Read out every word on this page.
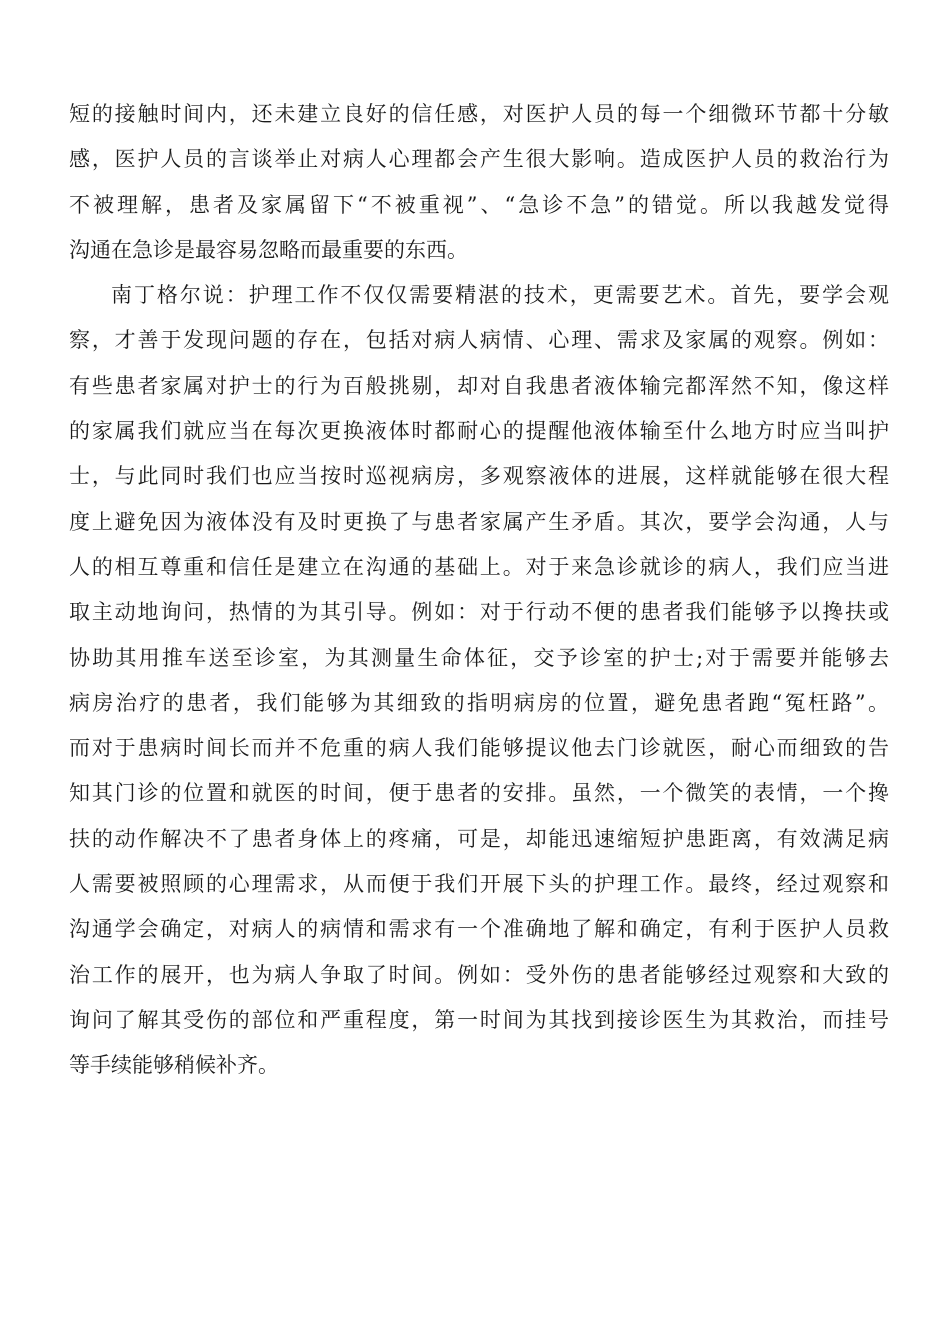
短的接触时间内，还未建立良好的信任感，对医护人员的每一个细微环节都十分敏
感，医护人员的言谈举止对病人心理都会产生很大影响。造成医护人员的救治行为
不被理解，患者及家属留下“不被重视”、“急诊不急”的错觉。所以我越发觉得
沟通在急诊是最容易忽略而最重要的东西。
南丁格尔说：护理工作不仅仅需要精湛的技术，更需要艺术。首先，要学会观
察，才善于发现问题的存在，包括对病人病情、心理、需求及家属的观察。例如：
有些患者家属对护士的行为百般挑剔，却对自我患者液体输完都浑然不知，像这样
的家属我们就应当在每次更换液体时都耐心的提醒他液体输至什么地方时应当叫护
士，与此同时我们也应当按时巡视病房，多观察液体的进展，这样就能够在很大程
度上避免因为液体没有及时更换了与患者家属产生矛盾。其次，要学会沟通，人与
人的相互尊重和信任是建立在沟通的基础上。对于来急诊就诊的病人，我们应当进
取主动地询问，热情的为其引导。例如：对于行动不便的患者我们能够予以搀扶或
协助其用推车送至诊室，为其测量生命体征，交予诊室的护士;对于需要并能够去
病房治疗的患者，我们能够为其细致的指明病房的位置，避免患者跑“冤枉路”。
而对于患病时间长而并不危重的病人我们能够提议他去门诊就医，耐心而细致的告
知其门诊的位置和就医的时间，便于患者的安排。虽然，一个微笑的表情，一个搀
扶的动作解决不了患者身体上的疼痛，可是，却能迅速缩短护患距离，有效满足病
人需要被照顾的心理需求，从而便于我们开展下头的护理工作。最终，经过观察和
沟通学会确定，对病人的病情和需求有一个准确地了解和确定，有利于医护人员救
治工作的展开，也为病人争取了时间。例如：受外伤的患者能够经过观察和大致的
询问了解其受伤的部位和严重程度，第一时间为其找到接诊医生为其救治，而挂号
等手续能够稍候补齐。
